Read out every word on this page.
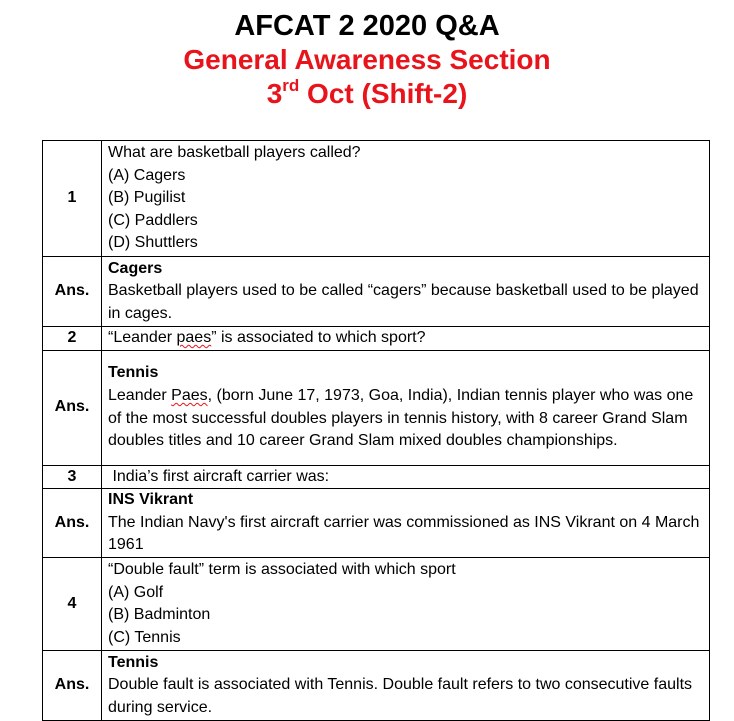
AFCAT 2 2020 Q&A
General Awareness Section
3rd Oct (Shift-2)
1	What are basketball players called?
(A) Cagers
(B) Pugilist
(C) Paddlers
(D) Shuttlers

Ans.	Cagers
Basketball players used to be called “cagers” because basketball used to be played in cages.

2	“Leander paes” is associated to which sport?
Ans.	Tennis
Leander Paes, (born June 17, 1973, Goa, India), Indian tennis player who was one of the most successful doubles players in tennis history, with 8 career Grand Slam doubles titles and 10 career Grand Slam mixed doubles championships.

3	India’s first aircraft carrier was:
Ans.	INS Vikrant
The Indian Navy's first aircraft carrier was commissioned as INS Vikrant on 4 March 1961

4	“Double fault” term is associated with which sport
(A) Golf
(B) Badminton
(C) Tennis

Ans.	Tennis
Double fault is associated with Tennis. Double fault refers to two consecutive faults during service.
